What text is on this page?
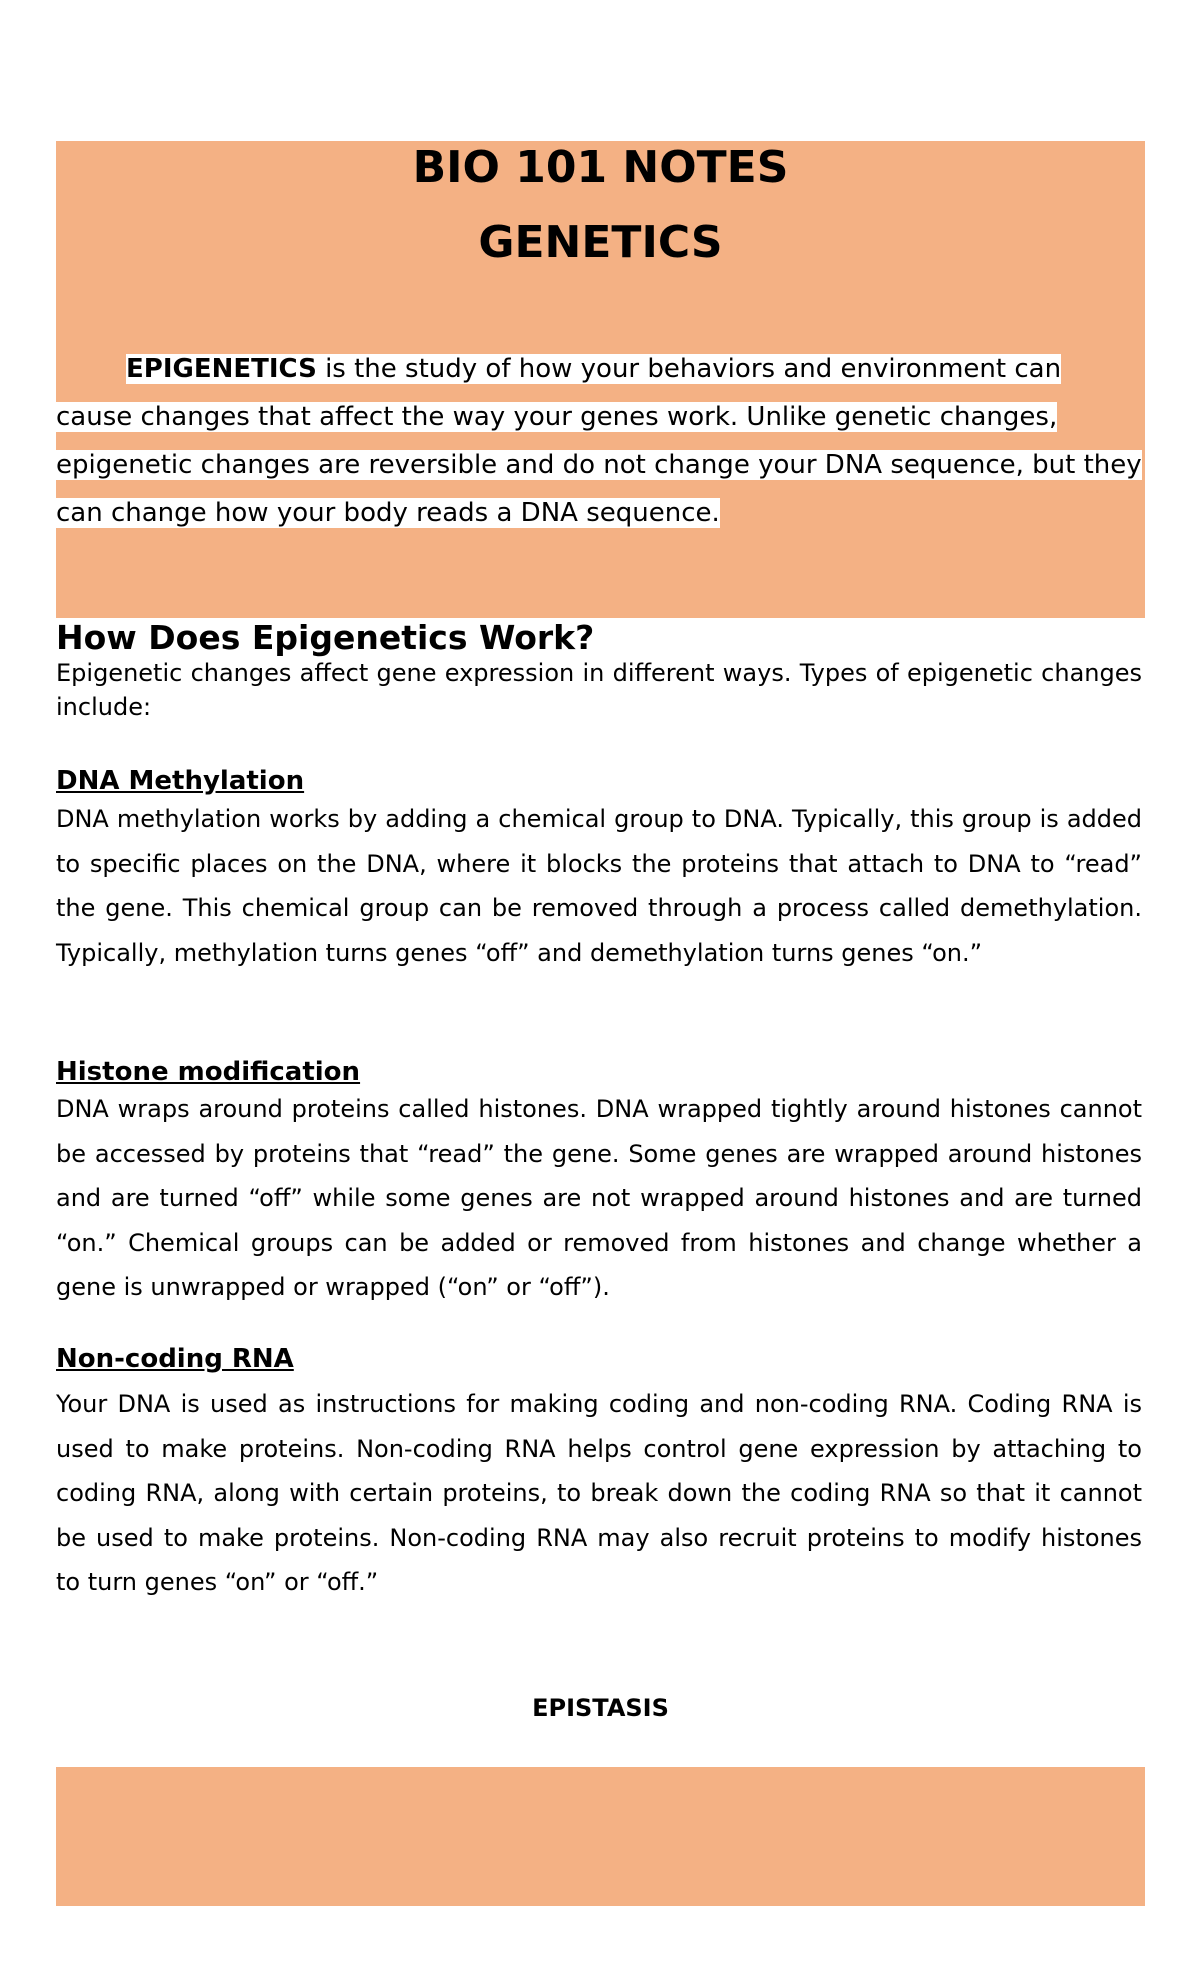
BIO 101 NOTES
GENETICS

EPIGENETICS is the study of how your behaviors and environment can cause changes that affect the way your genes work. Unlike genetic changes, epigenetic changes are reversible and do not change your DNA sequence, but they can change how your body reads a DNA sequence.

How Does Epigenetics Work?

Epigenetic changes affect gene expression in different ways. Types of epigenetic changes include:

DNA Methylation

DNA methylation works by adding a chemical group to DNA. Typically, this group is added to specific places on the DNA, where it blocks the proteins that attach to DNA to “read” the gene. This chemical group can be removed through a process called demethylation. Typically, methylation turns genes “off” and demethylation turns genes “on.”

Histone modification

DNA wraps around proteins called histones. DNA wrapped tightly around histones cannot be accessed by proteins that “read” the gene. Some genes are wrapped around histones and are turned “off” while some genes are not wrapped around histones and are turned “on.” Chemical groups can be added or removed from histones and change whether a gene is unwrapped or wrapped (“on” or “off”).

Non-coding RNA

Your DNA is used as instructions for making coding and non-coding RNA. Coding RNA is used to make proteins. Non-coding RNA helps control gene expression by attaching to coding RNA, along with certain proteins, to break down the coding RNA so that it cannot be used to make proteins. Non-coding RNA may also recruit proteins to modify histones to turn genes “on” or “off.”

EPISTASIS
